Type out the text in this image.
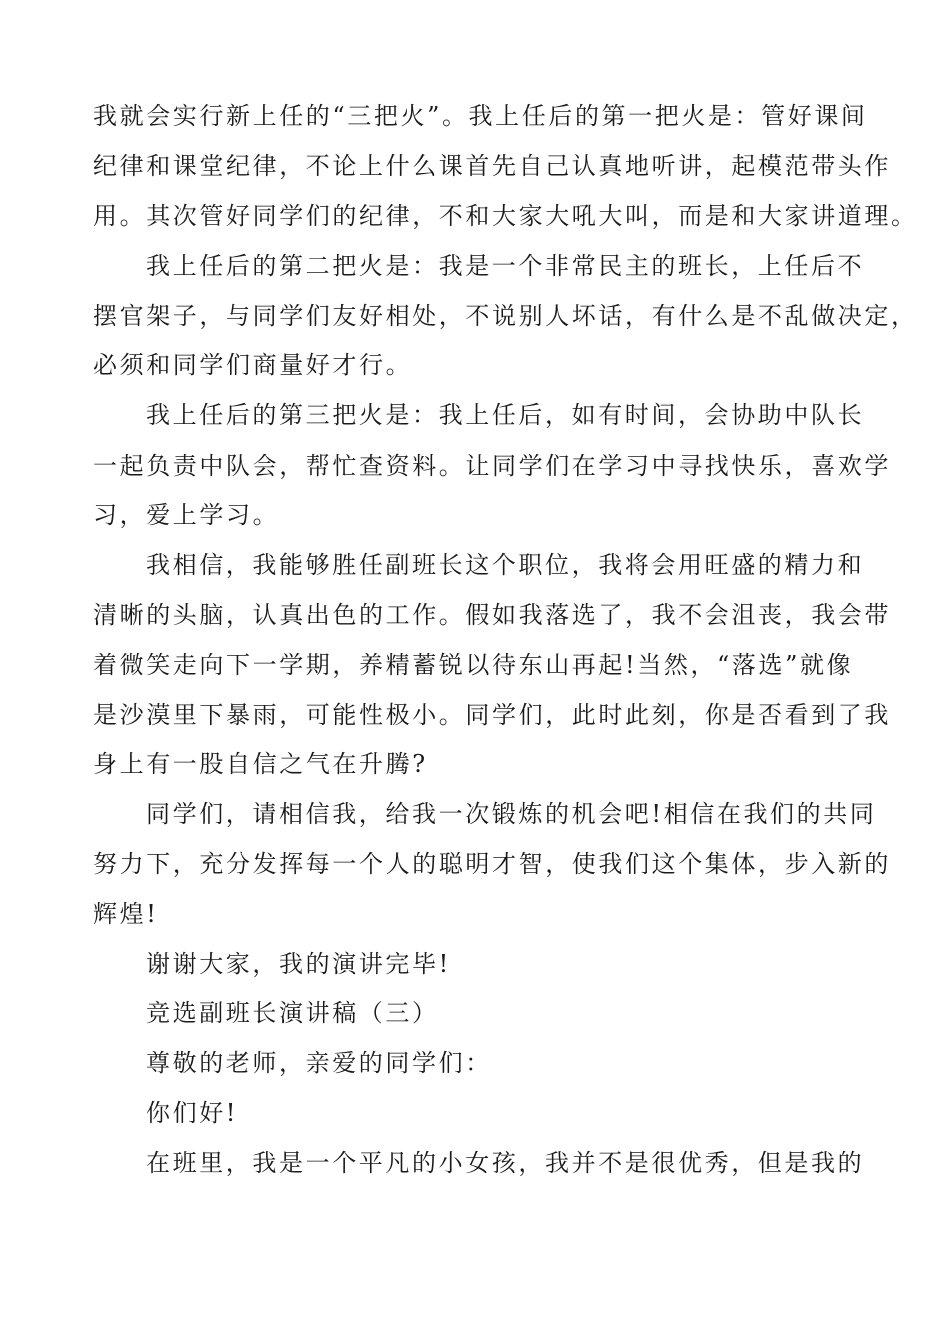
我就会实行新上任的“三把火”。我上任后的第一把火是：管好课间

纪律和课堂纪律，不论上什么课首先自己认真地听讲，起模范带头作

用。其次管好同学们的纪律，不和大家大吼大叫，而是和大家讲道理。

我上任后的第二把火是：我是一个非常民主的班长，上任后不

摆官架子，与同学们友好相处，不说别人坏话，有什么是不乱做决定，

必须和同学们商量好才行。

我上任后的第三把火是：我上任后，如有时间，会协助中队长

一起负责中队会，帮忙查资料。让同学们在学习中寻找快乐，喜欢学

习，爱上学习。

我相信，我能够胜任副班长这个职位，我将会用旺盛的精力和

清晰的头脑，认真出色的工作。假如我落选了，我不会沮丧，我会带

着微笑走向下一学期，养精蓄锐以待东山再起!当然，“落选”就像

是沙漠里下暴雨，可能性极小。同学们，此时此刻，你是否看到了我

身上有一股自信之气在升腾?

同学们，请相信我，给我一次锻炼的机会吧!相信在我们的共同

努力下，充分发挥每一个人的聪明才智，使我们这个集体，步入新的

辉煌!

谢谢大家，我的演讲完毕!

竞选副班长演讲稿（三）

尊敬的老师，亲爱的同学们：

你们好!

在班里，我是一个平凡的小女孩，我并不是很优秀，但是我的
